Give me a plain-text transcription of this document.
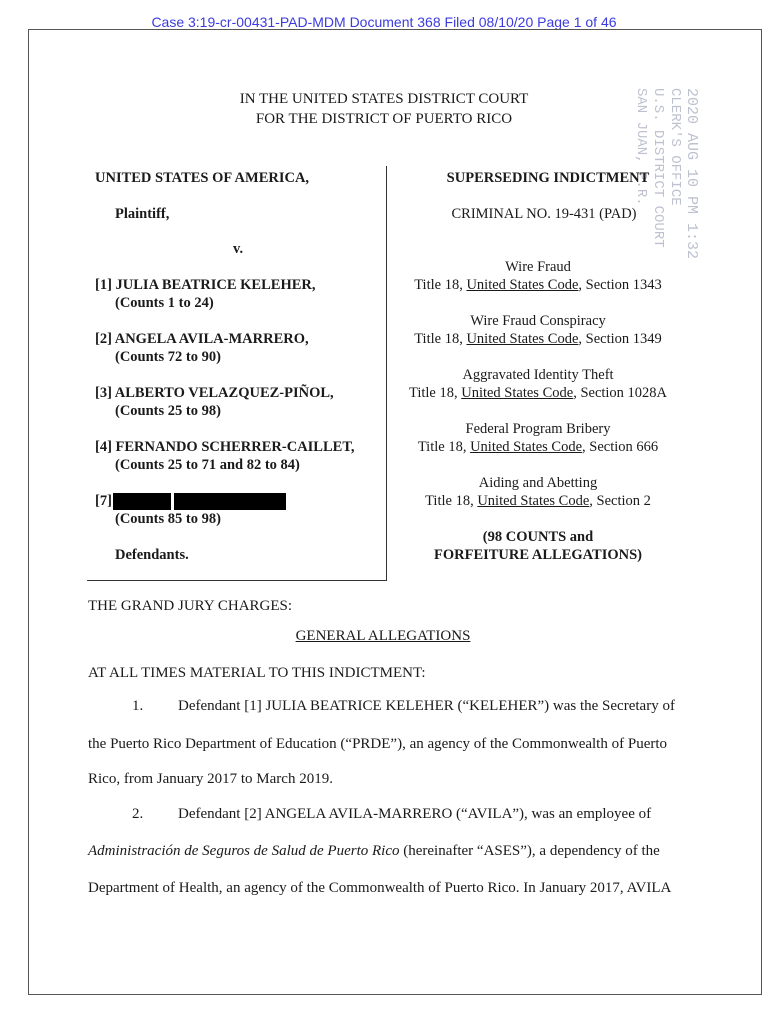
Case 3:19-cr-00431-PAD-MDM Document 368 Filed 08/10/20 Page 1 of 46
IN THE UNITED STATES DISTRICT COURT
FOR THE DISTRICT OF PUERTO RICO	2020 AUG 10 PM 1:32
CLERK'S OFFICE
U.S. DISTRICT COURT
SAN JUAN, P.R.
UNITED STATES OF AMERICA,
Plaintiff,
v.
[1] JULIA BEATRICE KELEHER,
(Counts 1 to 24)
[2] ANGELA AVILA-MARRERO,
(Counts 72 to 90)
[3] ALBERTO VELAZQUEZ-PIÑOL,
(Counts 25 to 98)
[4] FERNANDO SCHERRER-CAILLET,
(Counts 25 to 71 and 82 to 84)
[7]
(Counts 85 to 98)
Defendants.
SUPERSEDING INDICTMENT
CRIMINAL NO. 19-431 (PAD)
Wire Fraud
Title 18, United States Code, Section 1343
Wire Fraud Conspiracy
Title 18, United States Code, Section 1349
Aggravated Identity Theft
Title 18, United States Code, Section 1028A
Federal Program Bribery
Title 18, United States Code, Section 666
Aiding and Abetting
Title 18, United States Code, Section 2
(98 COUNTS and
FORFEITURE ALLEGATIONS)
THE GRAND JURY CHARGES:
GENERAL ALLEGATIONS
AT ALL TIMES MATERIAL TO THIS INDICTMENT:
1. Defendant [1] JULIA BEATRICE KELEHER (“KELEHER”) was the Secretary of
the Puerto Rico Department of Education (“PRDE”), an agency of the Commonwealth of Puerto
Rico, from January 2017 to March 2019.
2. Defendant [2] ANGELA AVILA-MARRERO (“AVILA”), was an employee of
Administración de Seguros de Salud de Puerto Rico (hereinafter “ASES”), a dependency of the
Department of Health, an agency of the Commonwealth of Puerto Rico. In January 2017, AVILA
